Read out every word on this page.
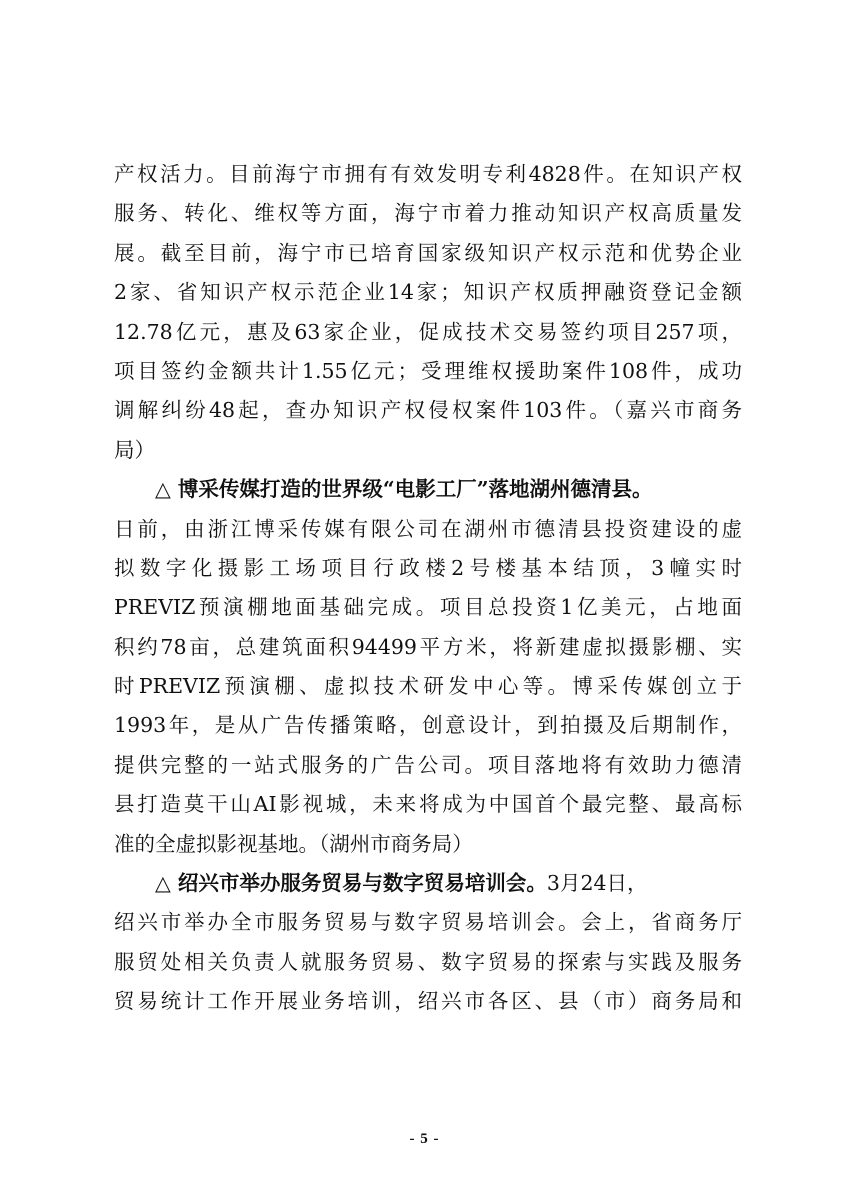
产权活力。目前海宁市拥有有效发明专利4828件。在知识产权
服务、转化、维权等方面，海宁市着力推动知识产权高质量发
展。截至目前，海宁市已培育国家级知识产权示范和优势企业
2家、省知识产权示范企业14家；知识产权质押融资登记金额
12.78亿元，惠及63家企业，促成技术交易签约项目257项，
项目签约金额共计1.55亿元；受理维权援助案件108件，成功
调解纠纷48起，查办知识产权侵权案件103件。（嘉兴市商务
局）
△ 博采传媒打造的世界级“电影工厂”落地湖州德清县。
日前，由浙江博采传媒有限公司在湖州市德清县投资建设的虚
拟数字化摄影工场项目行政楼2号楼基本结顶，3幢实时
PREVIZ预演棚地面基础完成。项目总投资1亿美元，占地面
积约78亩，总建筑面积94499平方米，将新建虚拟摄影棚、实
时PREVIZ预演棚、虚拟技术研发中心等。博采传媒创立于
1993年，是从广告传播策略，创意设计，到拍摄及后期制作，
提供完整的一站式服务的广告公司。项目落地将有效助力德清
县打造莫干山AI影视城，未来将成为中国首个最完整、最高标
准的全虚拟影视基地。（湖州市商务局）
△ 绍兴市举办服务贸易与数字贸易培训会。3月24日，
绍兴市举办全市服务贸易与数字贸易培训会。会上，省商务厅
服贸处相关负责人就服务贸易、数字贸易的探索与实践及服务
贸易统计工作开展业务培训，绍兴市各区、县（市）商务局和
- 5 -
